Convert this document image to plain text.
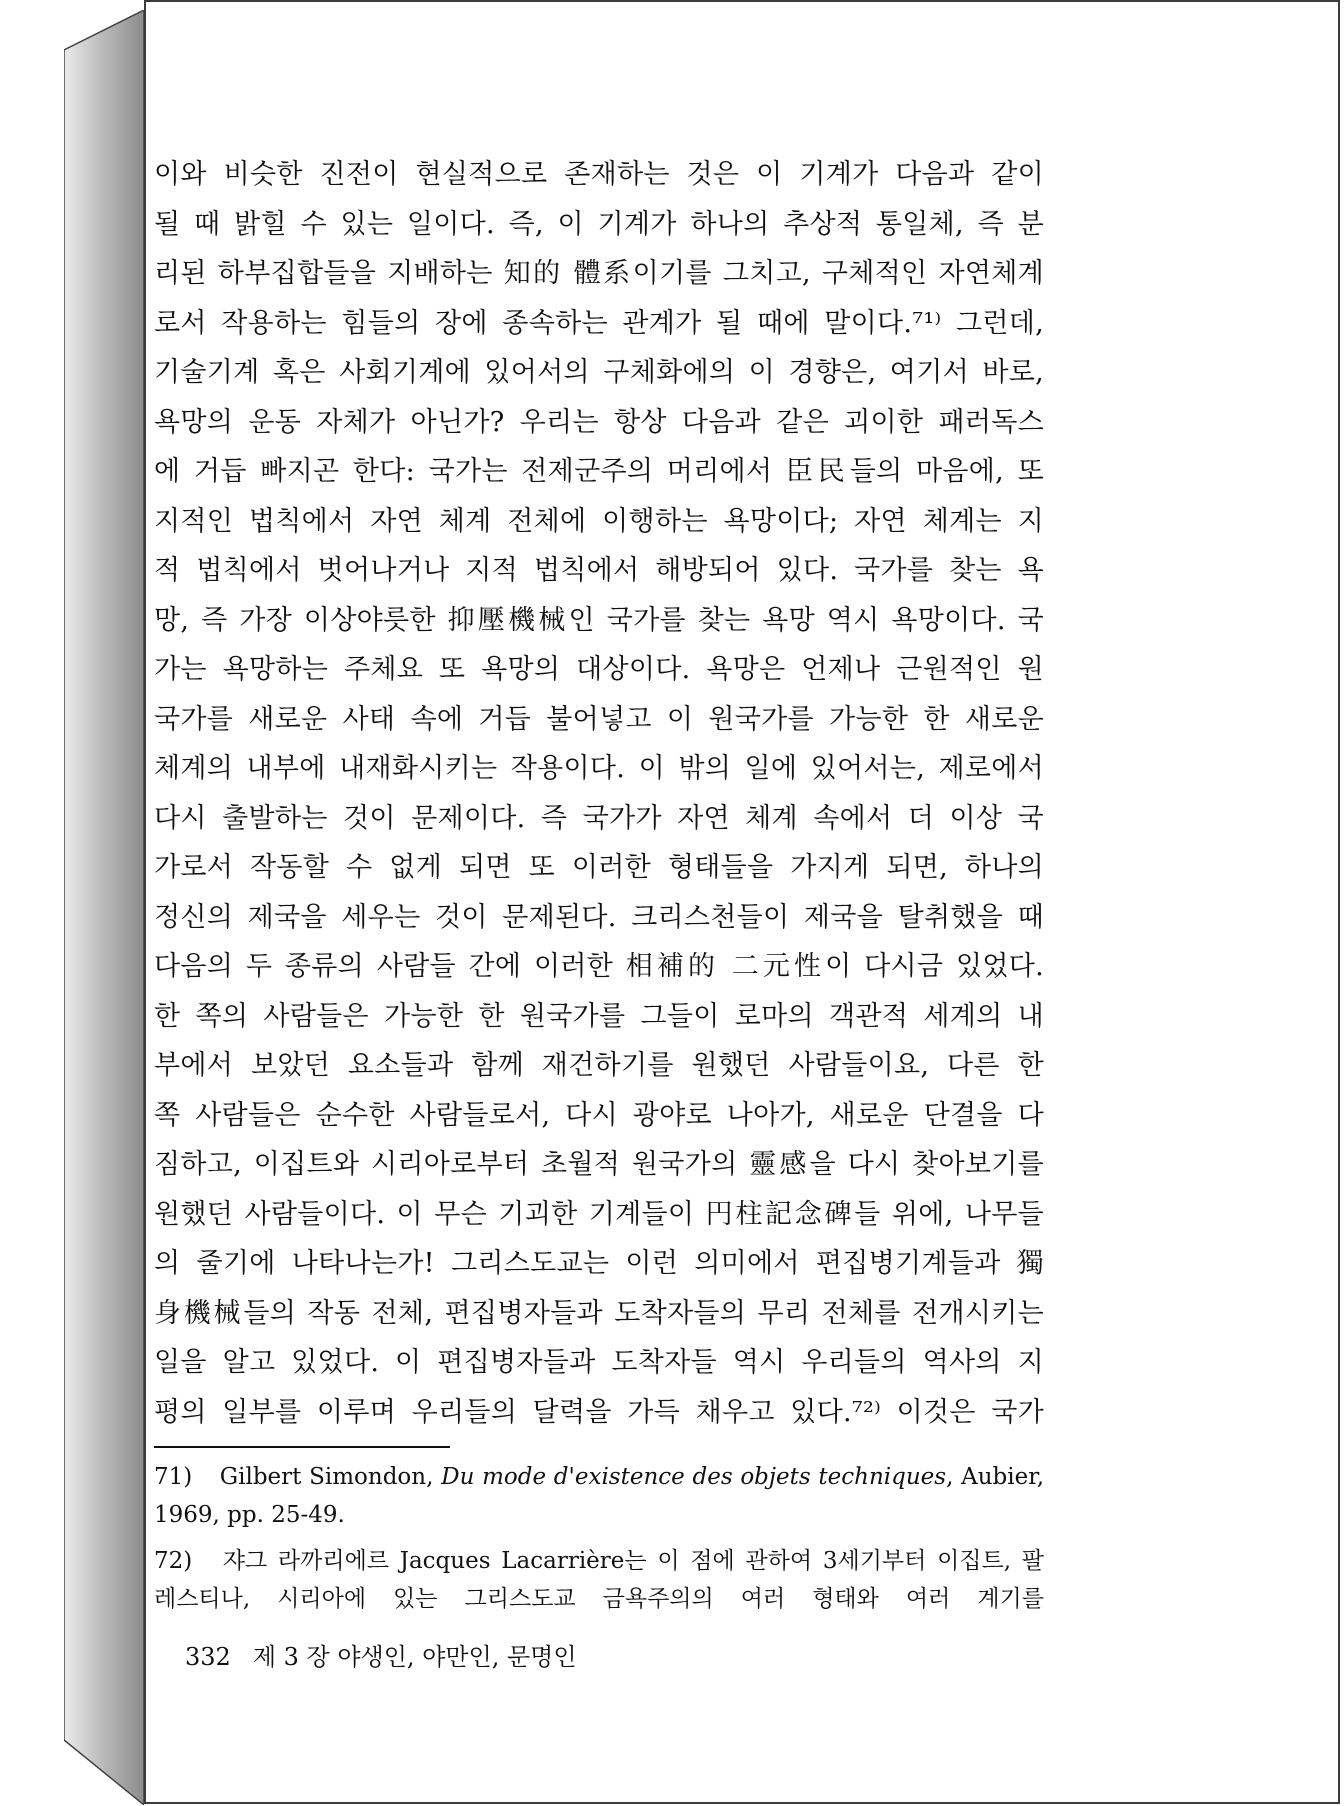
이와 비슷한 진전이 현실적으로 존재하는 것은 이 기계가 다음과 같이
될 때 밝힐 수 있는 일이다. 즉, 이 기계가 하나의 추상적 통일체, 즉 분
리된 하부집합들을 지배하는 知的 體系이기를 그치고, 구체적인 자연체계
로서 작용하는 힘들의 장에 종속하는 관계가 될 때에 말이다.⁷¹⁾ 그런데,
기술기계 혹은 사회기계에 있어서의 구체화에의 이 경향은, 여기서 바로,
욕망의 운동 자체가 아닌가? 우리는 항상 다음과 같은 괴이한 패러독스
에 거듭 빠지곤 한다: 국가는 전제군주의 머리에서 臣民들의 마음에, 또
지적인 법칙에서 자연 체계 전체에 이행하는 욕망이다; 자연 체계는 지
적 법칙에서 벗어나거나 지적 법칙에서 해방되어 있다. 국가를 찾는 욕
망, 즉 가장 이상야릇한 抑壓機械인 국가를 찾는 욕망 역시 욕망이다. 국
가는 욕망하는 주체요 또 욕망의 대상이다. 욕망은 언제나 근원적인 원
국가를 새로운 사태 속에 거듭 불어넣고 이 원국가를 가능한 한 새로운
체계의 내부에 내재화시키는 작용이다. 이 밖의 일에 있어서는, 제로에서
다시 출발하는 것이 문제이다. 즉 국가가 자연 체계 속에서 더 이상 국
가로서 작동할 수 없게 되면 또 이러한 형태들을 가지게 되면, 하나의
정신의 제국을 세우는 것이 문제된다. 크리스천들이 제국을 탈취했을 때
다음의 두 종류의 사람들 간에 이러한 相補的 二元性이 다시금 있었다.
한 쪽의 사람들은 가능한 한 원국가를 그들이 로마의 객관적 세계의 내
부에서 보았던 요소들과 함께 재건하기를 원했던 사람들이요, 다른 한
쪽 사람들은 순수한 사람들로서, 다시 광야로 나아가, 새로운 단결을 다
짐하고, 이집트와 시리아로부터 초월적 원국가의 靈感을 다시 찾아보기를
원했던 사람들이다. 이 무슨 기괴한 기계들이 円柱記念碑들 위에, 나무들
의 줄기에 나타나는가! 그리스도교는 이런 의미에서 편집병기계들과 獨
身機械들의 작동 전체, 편집병자들과 도착자들의 무리 전체를 전개시키는
일을 알고 있었다. 이 편집병자들과 도착자들 역시 우리들의 역사의 지
평의 일부를 이루며 우리들의 달력을 가득 채우고 있다.⁷²⁾ 이것은 국가
71) Gilbert Simondon, Du mode d'existence des objets techniques, Aubier,
1969, pp. 25-49.
72) 쟈그 라까리에르 Jacques Lacarrière는 이 점에 관하여 3세기부터 이집트, 팔
레스티나, 시리아에 있는 그리스도교 금욕주의의 여러 형태와 여러 계기를
332 제 3 장 야생인, 야만인, 문명인
